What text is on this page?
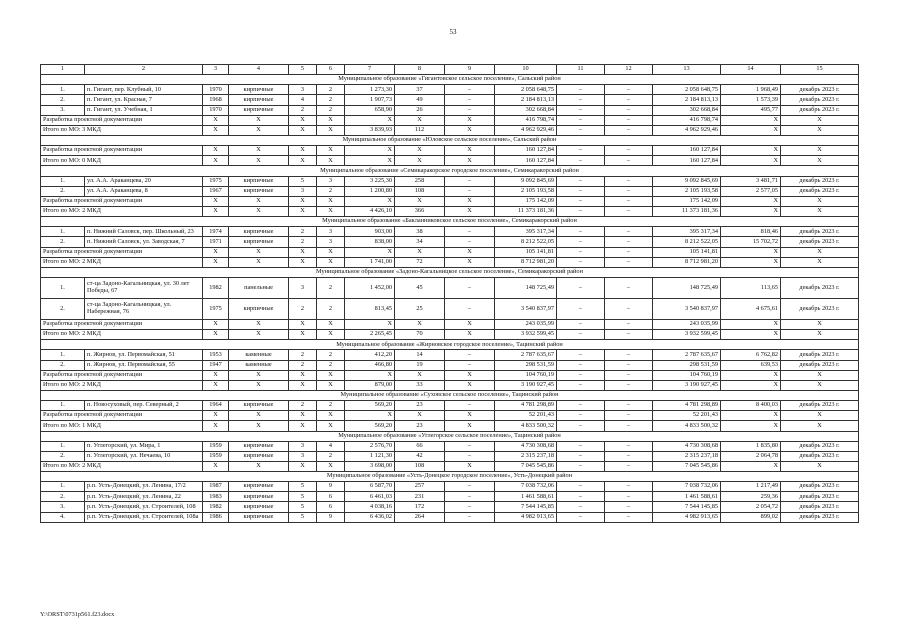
53
1	2	3	4	5	6	7	8	9	10	11	12	13	14	15
Муниципальное образование «Гигантовское сельское поселение», Сальский район														
1.	п. Гигант, пер. Клубный, 10	1970	кирпичные	3	2	1 273,30	37	–	2 058 648,75	–	–	2 058 648,75	1 968,49	декабрь 2023 г.
2.	п. Гигант, ул. Красная, 7	1968	кирпичные	4	2	1 907,73	49	–	2 184 813,13	–	–	2 184 813,13	1 573,39	декабрь 2023 г.
3.	п. Гигант, ул. Учебная, 1	1970	кирпичные	2	2	658,90	26	–	302 668,84	–	–	302 668,84	495,77	декабрь 2023 г.
Разработка проектной документации		Х	Х	Х	Х	Х	Х	Х	416 798,74	–	–	416 798,74	Х	Х
Итого по МО: 3 МКД		Х	Х	Х	Х	3 839,93	112	Х	4 962 929,46	–	–	4 962 929,46	Х	Х
Муниципальное образование «Юловское сельское поселение», Сальский район														
Разработка проектной документации		Х	Х	Х	Х	Х	Х	Х	160 127,84	–	–	160 127,84	Х	Х
Итого по МО: 0 МКД		Х	Х	Х	Х	Х	Х	Х	160 127,84	–	–	160 127,84	Х	Х
Муниципальное образование «Семикаракорское городское поселение», Семикаракорский район														
1.	ул. А.А. Араканцева, 20	1975	кирпичные	5	3	3 225,30	258	–	9 092 845,69	–	–	9 092 845,69	3 481,71	декабрь 2023 г.
2.	ул. А.А. Араканцева, 8	1967	кирпичные	3	2	1 200,80	108	–	2 105 193,58	–	–	2 105 193,58	2 577,05	декабрь 2023 г.
Разработка проектной документации		Х	Х	Х	Х	Х	Х	Х	175 142,09	–	–	175 142,09	Х	Х
Итого по МО: 2 МКД		Х	Х	Х	Х	4 426,10	366	Х	11 373 181,36	–	–	11 373 181,36	Х	Х
Муниципальное образование «Бакланниковское сельское поселение», Семикаракорский район														
1.	п. Нижний Саловск, пер. Школьный, 23	1974	кирпичные	2	3	903,00	38	–	395 317,34	–	–	395 317,34	818,46	декабрь 2023 г.
2.	п. Нижний Саловск, ул. Заводская, 7	1971	кирпичные	2	3	838,00	34	–	8 212 522,05	–	–	8 212 522,05	15 702,72	декабрь 2023 г.
Разработка проектной документации		Х	Х	Х	Х	Х	Х	Х	105 141,81	–	–	105 141,81	Х	Х
Итого по МО: 2 МКД		Х	Х	Х	Х	1 741,00	72	Х	8 712 981,20	–	–	8 712 981,20	Х	Х
Муниципальное образование «Задоно-Кагальницкое сельское поселение», Семикаракорский район														
1.	ст-ца Задоно-Кагальницкая, ул. 30 лет Победы, 67	1982	панельные	3	2	1 452,00	45	–	148 725,49	–	–	148 725,49	113,65	декабрь 2023 г.
2.	ст-ца Задоно-Кагальницкая, ул. Набережная, 76	1975	кирпичные	2	2	813,45	25	–	3 540 837,97	–	–	3 540 837,97	4 675,61	декабрь 2023 г.
Разработка проектной документации		Х	Х	Х	Х	Х	Х	Х	243 035,99	–	–	243 035,99	Х	Х
Итого по МО: 2 МКД		Х	Х	Х	Х	2 265,45	70	Х	3 932 599,45	–	–	3 932 599,45	Х	Х
Муниципальное образование «Жирновское городское поселение», Тацинский район														
1.	п. Жирнов, ул. Первомайская, 51	1953	каменные	2	2	412,20	14	–	2 787 635,67	–	–	2 787 635,67	6 762,82	декабрь 2023 г.
2.	п. Жирнов, ул. Первомайская, 55	1947	каменные	2	2	466,80	19	–	298 531,59	–	–	298 531,59	639,53	декабрь 2023 г.
Разработка проектной документации		Х	Х	Х	Х	Х	Х	Х	104 760,19	–	–	104 760,19	Х	Х
Итого по МО: 2 МКД		Х	Х	Х	Х	879,00	33	Х	3 190 927,45	–	–	3 190 927,45	Х	Х
Муниципальное образование «Суховское сельское поселение», Тацинский район														
1.	п. Новосуховый, пер. Северный, 2	1964	кирпичные	2	2	569,20	23	–	4 781 298,89	–	–	4 781 298,89	8 400,03	декабрь 2023 г.
Разработка проектной документации		Х	Х	Х	Х	Х	Х	Х	52 201,43	–	–	52 201,43	Х	Х
Итого по МО: 1 МКД		Х	Х	Х	Х	569,20	23	Х	4 833 500,32	–	–	4 833 500,32	Х	Х
Муниципальное образование «Углегорское сельское поселение», Тацинский район														
1.	п. Углегорский, ул. Мира, 1	1959	кирпичные	3	4	2 576,70	66	–	4 730 308,68	–	–	4 730 308,68	1 835,80	декабрь 2023 г.
2.	п. Углегорский, ул. Нечаева, 10	1959	кирпичные	3	2	1 121,30	42	–	2 315 237,18	–	–	2 315 237,18	2 064,78	декабрь 2023 г.
Итого по МО: 2 МКД		Х	Х	Х	Х	3 698,00	108	Х	7 045 545,86	–	–	7 045 545,86	Х	Х
Муниципальное образование «Усть-Донецкое городское поселение», Усть-Донецкий район														
1.	р.п. Усть-Донецкий, ул. Ленина, 17/2	1987	кирпичные	5	9	6 587,70	257	–	7 038 732,06	–	–	7 038 732,06	1 217,49	декабрь 2023 г.
2.	р.п. Усть-Донецкий, ул. Ленина, 22	1983	кирпичные	5	6	6 461,03	231	–	1 461 588,61	–	–	1 461 588,61	259,36	декабрь 2023 г.
3.	р.п. Усть-Донецкий, ул. Строителей, 108	1982	кирпичные	5	6	4 038,16	172	–	7 544 145,85	–	–	7 544 145,85	2 054,72	декабрь 2023 г.
4.	р.п. Усть-Донецкий, ул. Строителей, 108а	1986	кирпичные	5	9	6 436,02	264	–	4 982 913,65	–	–	4 982 913,65	899,02	декабрь 2023 г.
Y:\ORST\0731p561.f23.docx
